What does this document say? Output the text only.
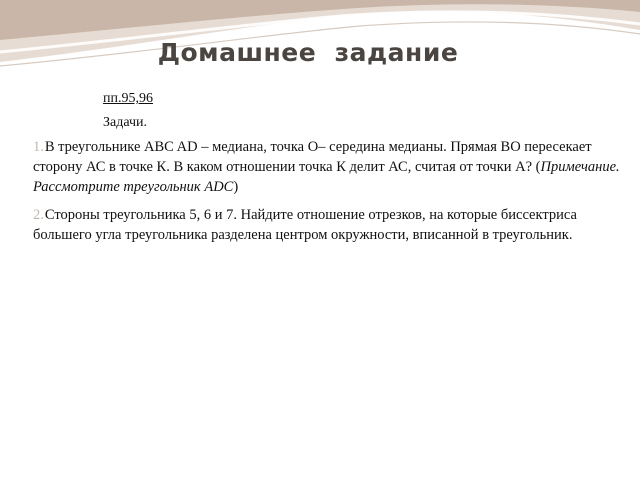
Домашнее  задание
пп.95,96
Задачи.
1.В треугольнике ABC AD – медиана, точка О– середина медианы. Прямая ВО пересекает сторону АС в точке К. В каком отношении точка К делит АС, считая от точки А? (Примечание. Рассмотрите треугольник ADC)
2.Стороны треугольника 5, 6 и 7. Найдите отношение отрезков, на которые биссектриса большего угла треугольника разделена центром окружности, вписанной в треугольник.
